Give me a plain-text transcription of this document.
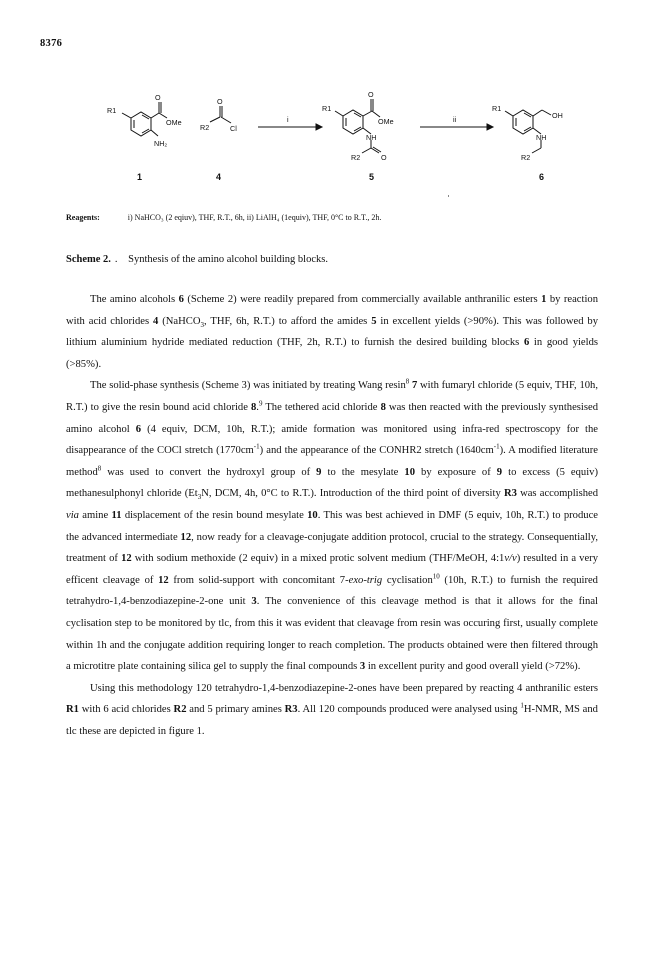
8376
R1
O
OMe
NH₂
O
R2	Cl
R1
O
OMe
NH
R2	O
R1
OH
NH
R2
i	ii
1	4	5	6
Reagents:	i) NaHCO₃ (2 eqiuv), THF, R.T., 6h, ii) LiAlH₄ (1equiv), THF, 0°C to R.T., 2h.
Scheme 2. . Synthesis of the amino alcohol building blocks.

The amino alcohols 6 (Scheme 2) were readily prepared from commercially available anthranilic esters 1 by reaction with acid chlorides 4 (NaHCO$_3$, THF, 6h, R.T.) to afford the amides 5 in excellent yields (>90%). This was followed by lithium aluminium hydride mediated reduction (THF, 2h, R.T.) to furnish the desired building blocks 6 in good yields (>85%).

The solid-phase synthesis (Scheme 3) was initiated by treating Wang resin$^8$ 7 with fumaryl chloride (5 equiv, THF, 10h, R.T.) to give the resin bound acid chloride 8.$^9$ The tethered acid chloride 8 was then reacted with the previously synthesised amino alcohol 6 (4 equiv, DCM, 10h, R.T.); amide formation was monitored using infra-red spectroscopy for the disappearance of the COCl stretch $(1770cm^{-1})$ and the appearance of the CONHR2 stretch $(1640cm^{-1})$. A modified literature method$^8$ was used to convert the hydroxyl group of 9 to the mesylate 10 by exposure of 9 to excess (5 equiv) methanesulphonyl chloride ($Et_3N$, DCM, 4h, 0°C to R.T.). Introduction of the third point of diversity R3 was accomplished via amine 11 displacement of the resin bound mesylate 10. This was best achieved in DMF (5 equiv, 10h, R.T.) to produce the advanced intermediate 12, now ready for a cleavage-conjugate addition protocol, crucial to the strategy. Consequentially, treatment of 12 with sodium methoxide (2 equiv) in a mixed protic solvent medium (THF/MeOH, 4:1v/v) resulted in a very efficent cleavage of 12 from solid-support with concomitant 7-exo-trig cyclisation$^{10}$ (10h, R.T.) to furnish the required tetrahydro-1,4-benzodiazepine-2-one unit 3. The convenience of this cleavage method is that it allows for the final cyclisation step to be monitored by tlc, from this it was evident that cleavage from resin was occuring first, usually complete within 1h and the conjugate addition requiring longer to reach completion. The products obtained were then filtered through a microtitre plate containing silica gel to supply the final compounds 3 in excellent purity and good overall yield (>72%).

Using this methodology 120 tetrahydro-1,4-benzodiazepine-2-ones have been prepared by reacting 4 anthranilic esters R1 with 6 acid chlorides R2 and 5 primary amines R3. All 120 compounds produced were analysed using $^1$H-NMR, MS and tlc these are depicted in figure 1.
